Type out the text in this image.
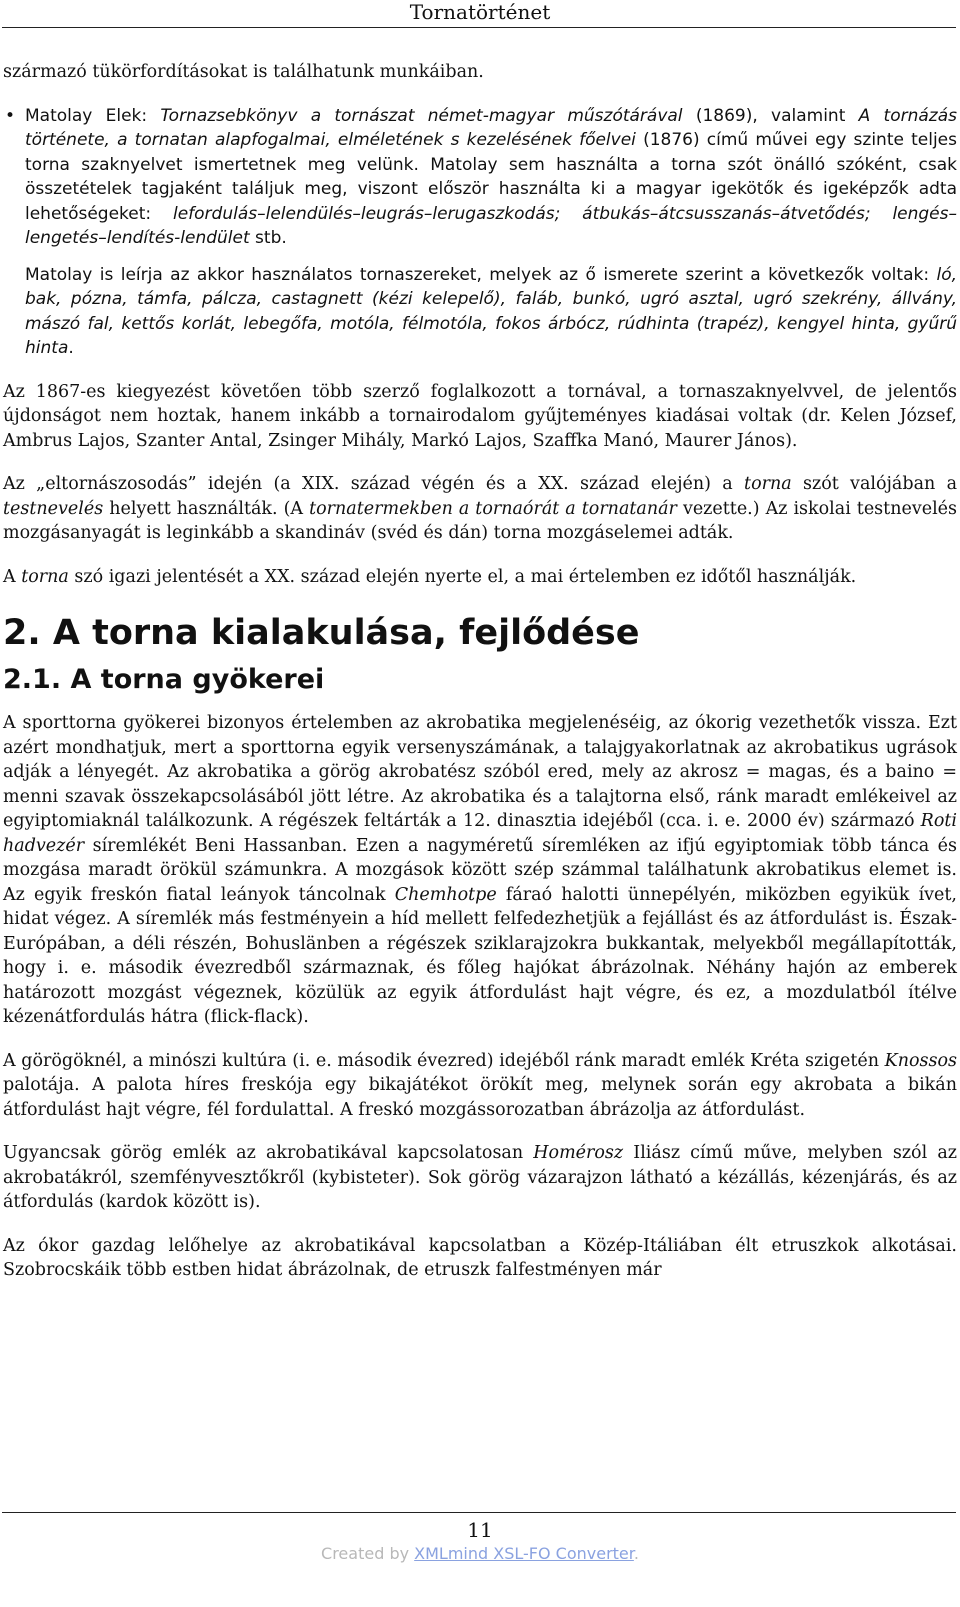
Tornatörténet

származó tükörfordításokat is találhatunk munkáiban.

• Matolay Elek: Tornazsebkönyv a tornászat német-magyar műszótárával (1869), valamint A tornázás története, a tornatan alapfogalmai, elméletének s kezelésének főelvei (1876) című művei egy szinte teljes torna szaknyelvet ismertetnek meg velünk. Matolay sem használta a torna szót önálló szóként, csak összetételek tagjaként találjuk meg, viszont először használta ki a magyar igekötők és igeképzők adta lehetőségeket: lefordulás–lelendülés–leugrás–lerugaszkodás; átbukás–átcsusszanás–átvetődés; lengés–lengetés–lendítés-lendület stb.

Matolay is leírja az akkor használatos tornaszereket, melyek az ő ismerete szerint a következők voltak: ló, bak, pózna, támfa, pálcza, castagnett (kézi kelepelő), faláb, bunkó, ugró asztal, ugró szekrény, állvány, mászó fal, kettős korlát, lebegőfa, motóla, félmotóla, fokos árbócz, rúdhinta (trapéz), kengyel hinta, gyűrű hinta.

Az 1867-es kiegyezést követően több szerző foglalkozott a tornával, a tornaszaknyelvvel, de jelentős újdonságot nem hoztak, hanem inkább a tornairodalom gyűjteményes kiadásai voltak (dr. Kelen József, Ambrus Lajos, Szanter Antal, Zsinger Mihály, Markó Lajos, Szaffka Manó, Maurer János).

Az „eltornászosodás” idején (a XIX. század végén és a XX. század elején) a torna szót valójában a testnevelés helyett használták. (A tornatermekben a tornaórát a tornatanár vezette.) Az iskolai testnevelés mozgásanyagát is leginkább a skandináv (svéd és dán) torna mozgáselemei adták.

A torna szó igazi jelentését a XX. század elején nyerte el, a mai értelemben ez időtől használják.

2. A torna kialakulása, fejlődése
2.1. A torna gyökerei

A sporttorna gyökerei bizonyos értelemben az akrobatika megjelenéséig, az ókorig vezethetők vissza. Ezt azért mondhatjuk, mert a sporttorna egyik versenyszámának, a talajgyakorlatnak az akrobatikus ugrások adják a lényegét. Az akrobatika a görög akrobatész szóból ered, mely az akrosz = magas, és a baino = menni szavak összekapcsolásából jött létre. Az akrobatika és a talajtorna első, ránk maradt emlékeivel az egyiptomiaknál találkozunk. A régészek feltárták a 12. dinasztia idejéből (cca. i. e. 2000 év) származó Roti hadvezér síremlékét Beni Hassanban. Ezen a nagyméretű síremléken az ifjú egyiptomiak több tánca és mozgása maradt örökül számunkra. A mozgások között szép számmal találhatunk akrobatikus elemet is. Az egyik freskón fiatal leányok táncolnak Chemhotpe fáraó halotti ünnepélyén, miközben egyikük ívet, hidat végez. A síremlék más festményein a híd mellett felfedezhetjük a fejállást és az átfordulást is. Észak-Európában, a déli részén, Bohuslänben a régészek sziklarajzokra bukkantak, melyekből megállapították, hogy i. e. második évezredből származnak, és főleg hajókat ábrázolnak. Néhány hajón az emberek határozott mozgást végeznek, közülük az egyik átfordulást hajt végre, és ez, a mozdulatból ítélve kézenátfordulás hátra (flick-flack).

A görögöknél, a minószi kultúra (i. e. második évezred) idejéből ránk maradt emlék Kréta szigetén Knossos palotája. A palota híres freskója egy bikajátékot örökít meg, melynek során egy akrobata a bikán átfordulást hajt végre, fél fordulattal. A freskó mozgássorozatban ábrázolja az átfordulást.

Ugyancsak görög emlék az akrobatikával kapcsolatosan Homérosz Iliász című műve, melyben szól az akrobatákról, szemfényvesztőkről (kybisteter). Sok görög vázarajzon látható a kézállás, kézenjárás, és az átfordulás (kardok között is).

Az ókor gazdag lelőhelye az akrobatikával kapcsolatban a Közép-Itáliában élt etruszkok alkotásai. Szobrocskáik több estben hidat ábrázolnak, de etruszk falfestményen már

11
Created by XMLmind XSL-FO Converter.
